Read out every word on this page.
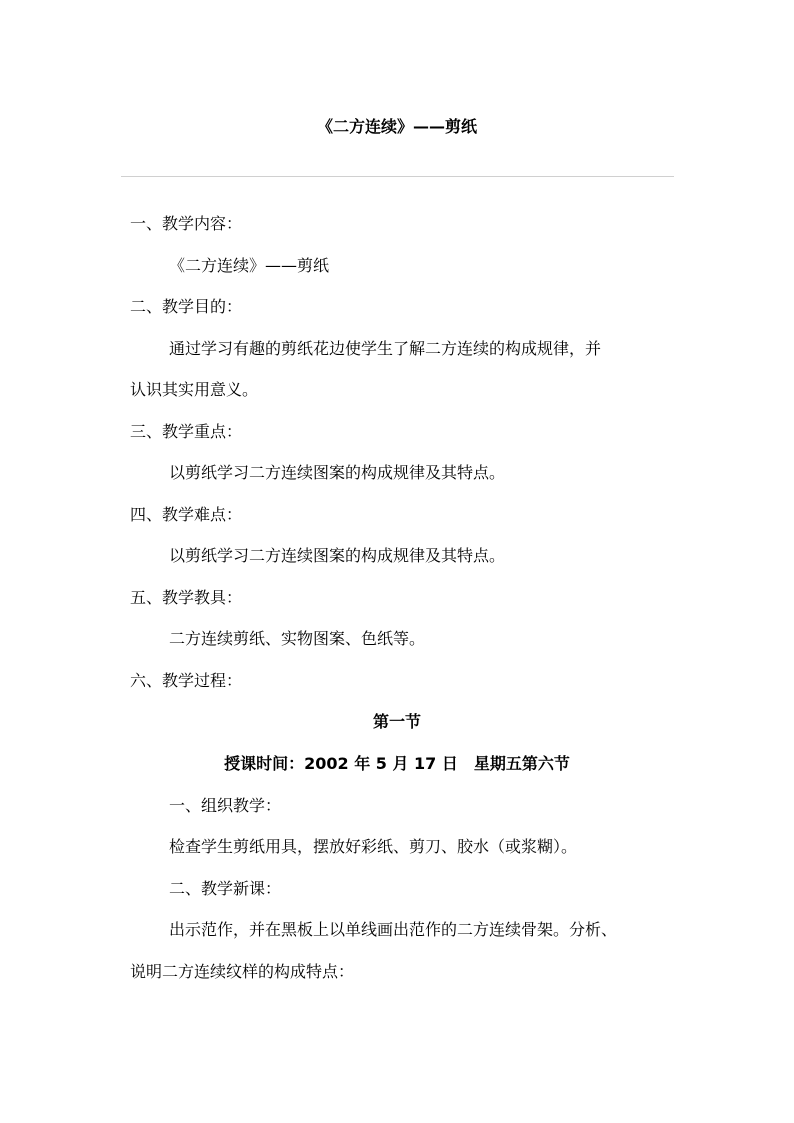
《二方连续》——剪纸
一、教学内容：
《二方连续》——剪纸
二、教学目的：
通过学习有趣的剪纸花边使学生了解二方连续的构成规律，并
认识其实用意义。
三、教学重点：
以剪纸学习二方连续图案的构成规律及其特点。
四、教学难点：
以剪纸学习二方连续图案的构成规律及其特点。
五、教学教具：
二方连续剪纸、实物图案、色纸等。
六、教学过程：
第一节
授课时间：2002 年 5 月 17 日　星期五第六节
一、组织教学：
检查学生剪纸用具，摆放好彩纸、剪刀、胶水（或浆糊）。
二、教学新课：
出示范作，并在黑板上以单线画出范作的二方连续骨架。分析、
说明二方连续纹样的构成特点：
